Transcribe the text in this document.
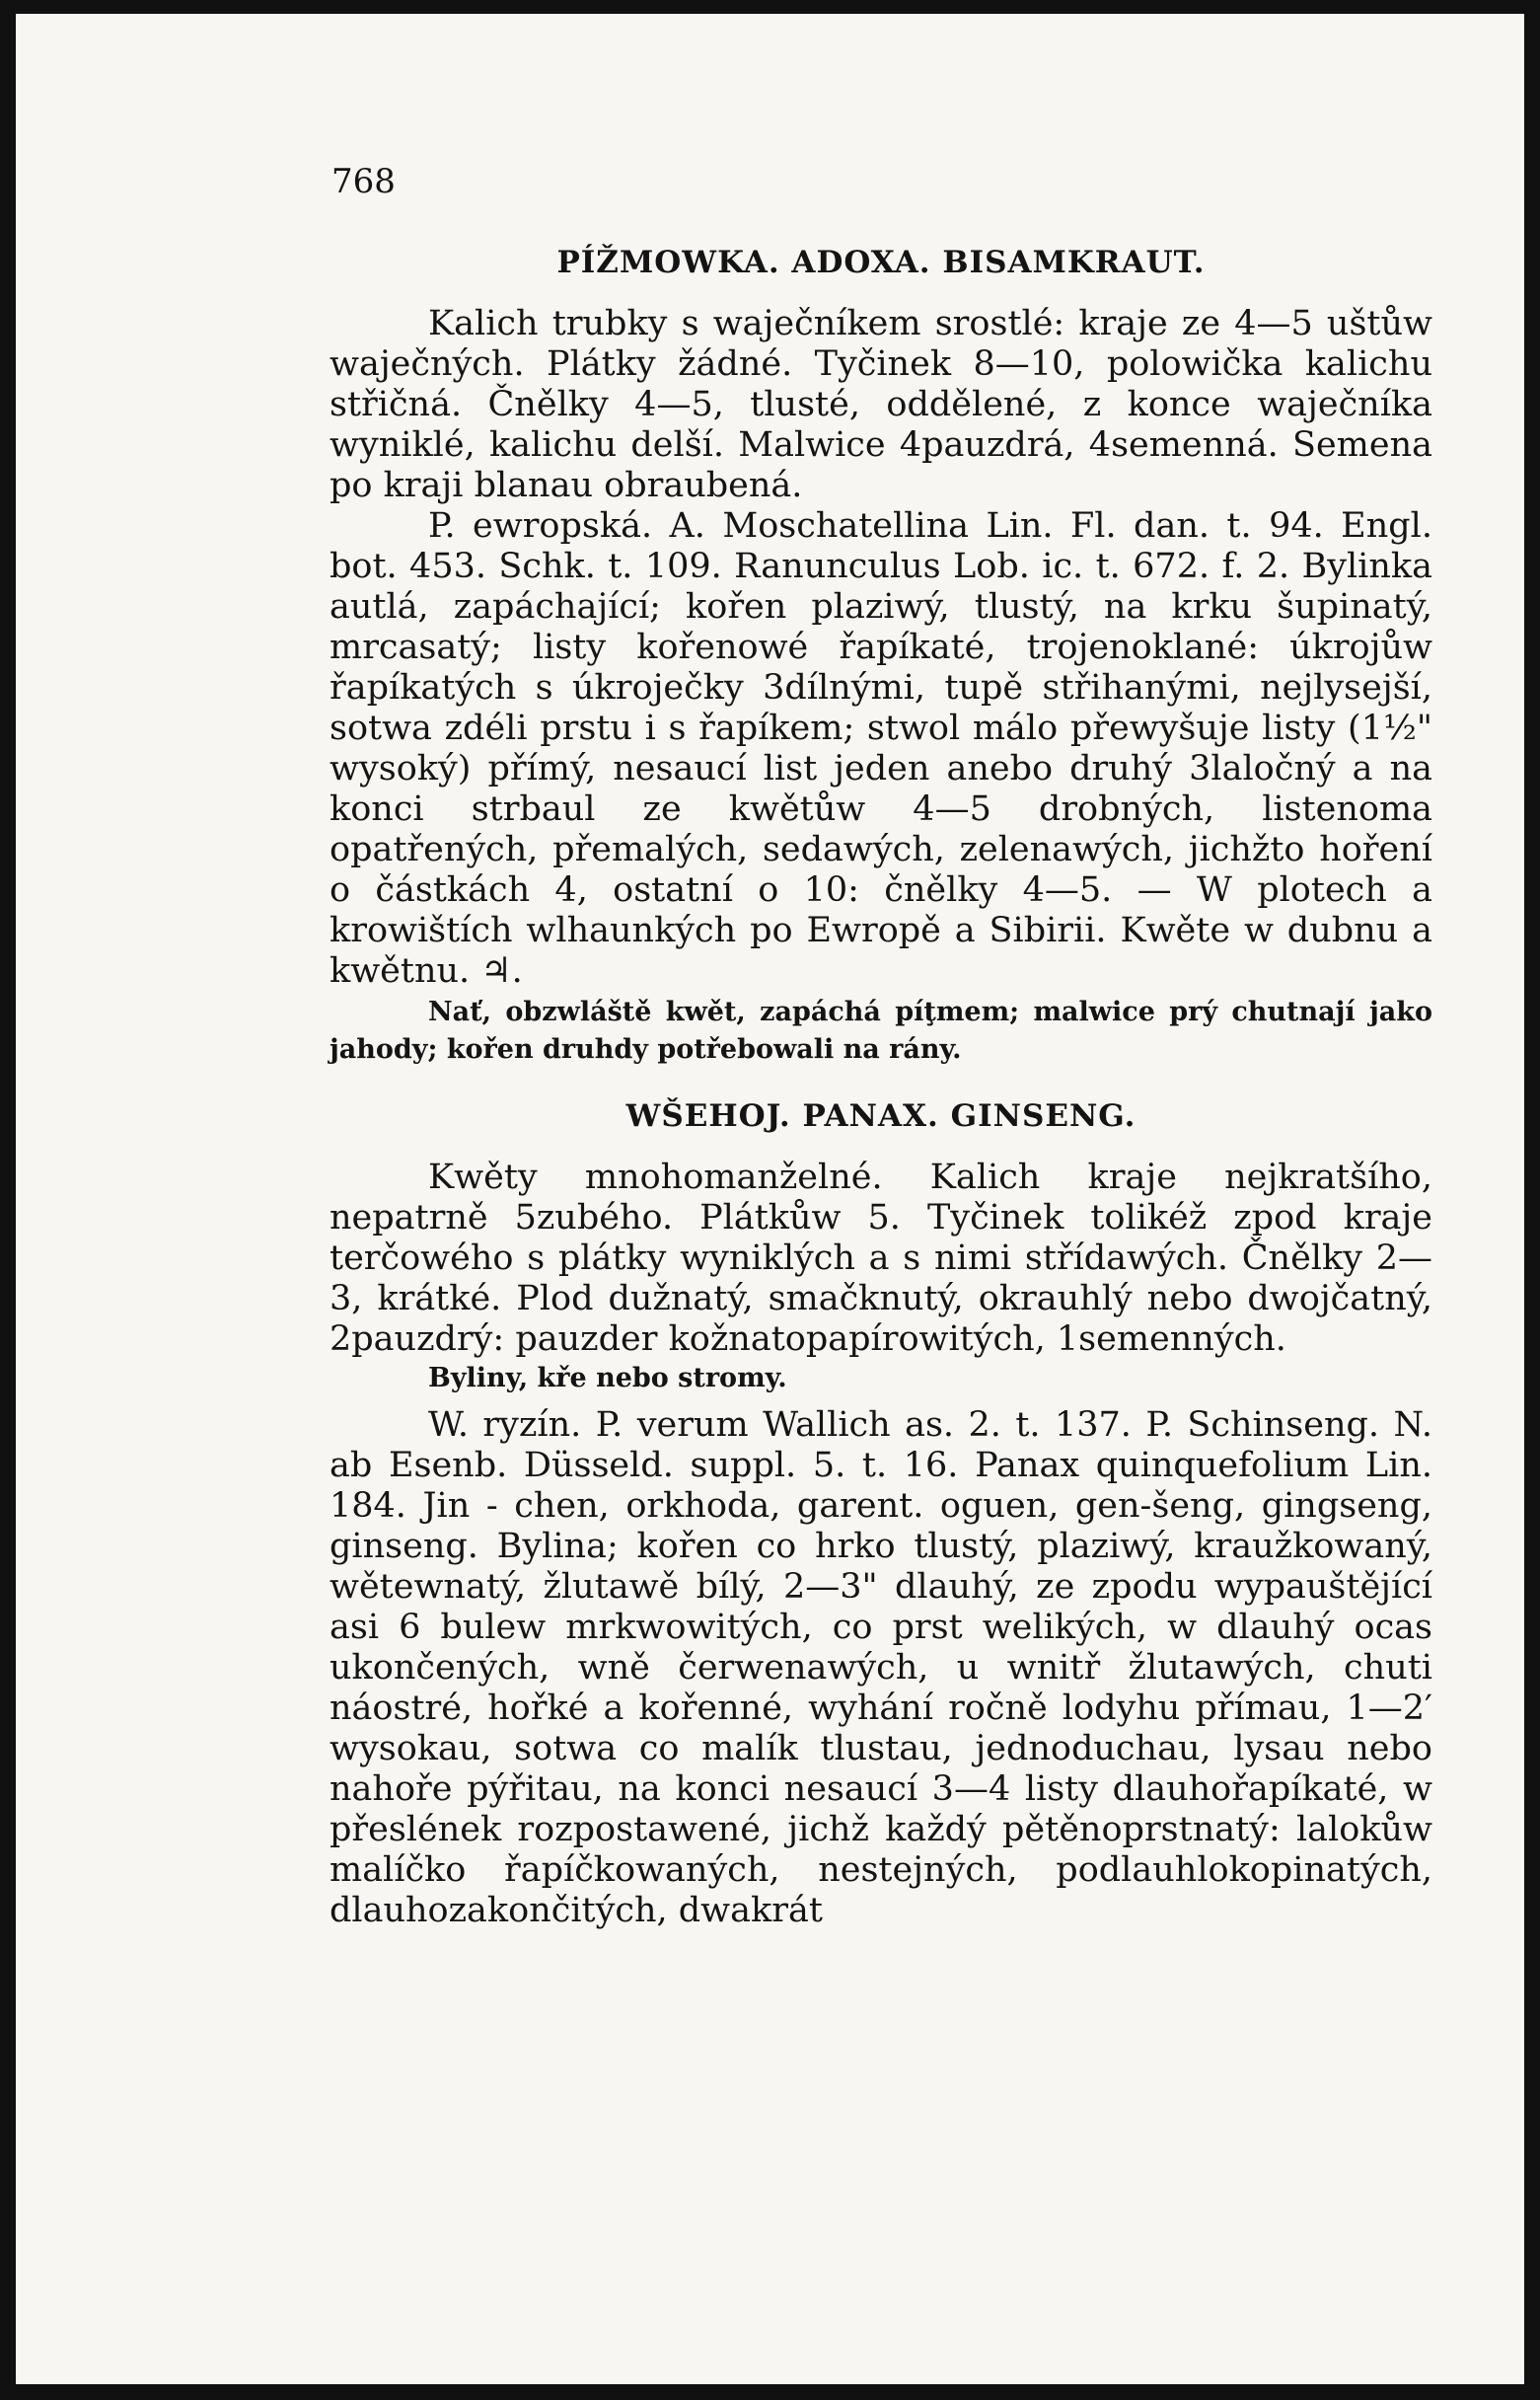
768
PÍŽMOWKA. ADOXA. BISAMKRAUT.

Kalich trubky s waječníkem srostlé: kraje ze 4—5 uštůw waječných. Plátky žádné. Tyčinek 8—10, polowička kalichu střičná. Čnělky 4—5, tlusté, oddělené, z konce waječníka wyniklé, kalichu delší. Malwice 4pauzdrá, 4semenná. Semena po kraji blanau obraubená.

P. ewropská. A. Moschatellina Lin. Fl. dan. t. 94. Engl. bot. 453. Schk. t. 109. Ranunculus Lob. ic. t. 672. f. 2. Bylinka autlá, zapáchající; kořen plaziwý, tlustý, na krku šupinatý, mrcasatý; listy kořenowé řapíkaté, trojenoklané: úkrojůw řapíkatých s úkroječky 3dílnými, tupě střihanými, nejlysejší, sotwa zdéli prstu i s řapíkem; stwol málo přewyšuje listy (1½" wysoký) přímý, nesaucí list jeden anebo druhý 3laločný a na konci strbaul ze kwětůw 4—5 drobných, listenoma opatřených, přemalých, sedawých, zelenawých, jichžto hoření o částkách 4, ostatní o 10: čnělky 4—5. — W plotech a krowištích wlhaunkých po Ewropě a Sibirii. Kwěte w dubnu a kwětnu. ♃.

Nať, obzwláště kwět, zapáchá píţmem; malwice prý chutnají jako jahody; kořen druhdy potřebowali na rány.

WŠEHOJ. PANAX. GINSENG.

Kwěty mnohomanželné. Kalich kraje nejkratšího, nepatrně 5zubého. Plátkůw 5. Tyčinek tolikéž zpod kraje terčowého s plátky wyniklých a s nimi střídawých. Čnělky 2—3, krátké. Plod dužnatý, smačknutý, okrauhlý nebo dwojčatný, 2pauzdrý: pauzder kožnatopapírowitých, 1semenných.

Byliny, kře nebo stromy.

W. ryzín. P. verum Wallich as. 2. t. 137. P. Schinseng. N. ab Esenb. Düsseld. suppl. 5. t. 16. Panax quinquefolium Lin. 184. Jin - chen, orkhoda, garent. oguen, gen-šeng, gingseng, ginseng. Bylina; kořen co hrko tlustý, plaziwý, kraužkowaný, wětewnatý, žlutawě bílý, 2—3" dlauhý, ze zpodu wypauštějící asi 6 bulew mrkwowitých, co prst welikých, w dlauhý ocas ukončených, wně čerwenawých, u wnitř žlutawých, chuti náostré, hořké a kořenné, wyhání ročně lodyhu přímau, 1—2′ wysokau, sotwa co malík tlustau, jednoduchau, lysau nebo nahoře pýřitau, na konci nesaucí 3—4 listy dlauhořapíkaté, w přeslének rozpostawené, jichž každý pětěnoprstnatý: lalokůw malíčko řapíčkowaných, nestejných, podlauhlokopinatých, dlauhozakončitých, dwakrát
